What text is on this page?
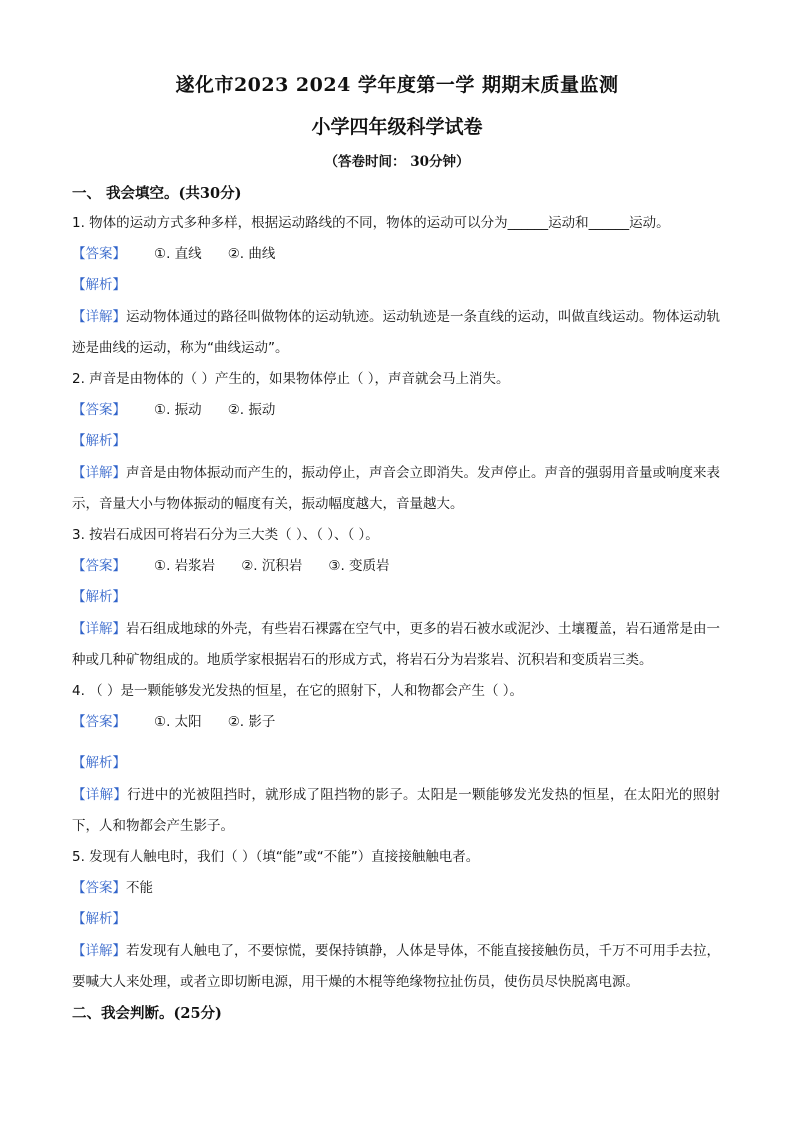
遂化市2023 2024 学年度第一学 期期末质量监测
小学四年级科学试卷
（答卷时间： 30分钟）
一、 我会填空。(共30分)
1. 物体的运动方式多种多样，根据运动路线的不同，物体的运动可以分为______运动和______运动。
【答案】 ①. 直线 ②. 曲线
【解析】
【详解】运动物体通过的路径叫做物体的运动轨迹。运动轨迹是一条直线的运动，叫做直线运动。物体运动轨迹是曲线的运动，称为“曲线运动”。
2. 声音是由物体的（ ）产生的，如果物体停止（ ），声音就会马上消失。
【答案】 ①. 振动 ②. 振动
【解析】
【详解】声音是由物体振动而产生的，振动停止，声音会立即消失。发声停止。声音的强弱用音量或响度来表示，音量大小与物体振动的幅度有关，振动幅度越大，音量越大。
3. 按岩石成因可将岩石分为三大类（ ）、（ ）、（ ）。
【答案】 ①. 岩浆岩 ②. 沉积岩 ③. 变质岩
【解析】
【详解】岩石组成地球的外壳，有些岩石裸露在空气中，更多的岩石被水或泥沙、土壤覆盖，岩石通常是由一种或几种矿物组成的。地质学家根据岩石的形成方式，将岩石分为岩浆岩、沉积岩和变质岩三类。
4. （ ）是一颗能够发光发热的恒星，在它的照射下，人和物都会产生（ ）。
【答案】 ①. 太阳 ②. 影子
【解析】
【详解】行进中的光被阻挡时，就形成了阻挡物的影子。太阳是一颗能够发光发热的恒星，在太阳光的照射下，人和物都会产生影子。
5. 发现有人触电时，我们（ ）（填“能”或“不能”）直接接触触电者。
【答案】不能
【解析】
【详解】若发现有人触电了，不要惊慌，要保持镇静，人体是导体，不能直接接触伤员，千万不可用手去拉，要喊大人来处理，或者立即切断电源，用干燥的木棍等绝缘物拉扯伤员，使伤员尽快脱离电源。
二、我会判断。(25分)
